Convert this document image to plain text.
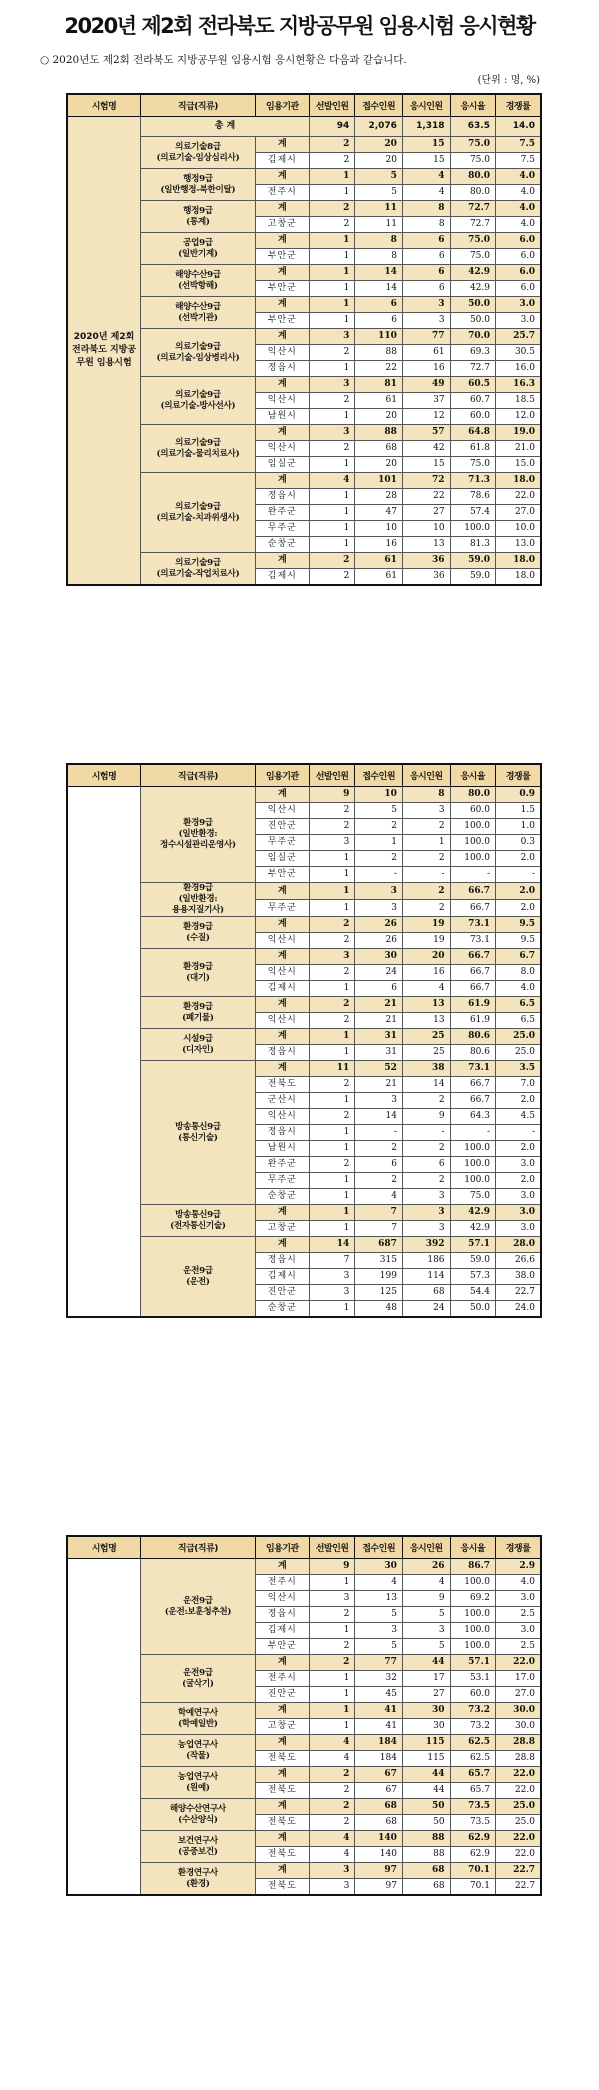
2020년 제2회 전라북도 지방공무원 임용시험 응시현황
○ 2020년도 제2회 전라북도 지방공무원 임용시험 응시현황은 다음과 같습니다.
(단위 : 명, %)
시험명	직급(직류)	임용기관	선발인원	접수인원	응시인원	응시율	경쟁률
2020년 제2회 전라북도 지방공무원 임용시험	총 계		94	2,076	1,318	63.5	14.0
	의료기술8급
(의료기술-임상심리사)	계	2	20	15	75.0	7.5
		김제시	2	20	15	75.0	7.5
	행정9급
(일반행정-북한이탈)	계	1	5	4	80.0	4.0
		전주시	1	5	4	80.0	4.0
	행정9급
(통계)	계	2	11	8	72.7	4.0
		고창군	2	11	8	72.7	4.0
	공업9급
(일반기계)	계	1	8	6	75.0	6.0
		부안군	1	8	6	75.0	6.0
	해양수산9급
(선박항해)	계	1	14	6	42.9	6.0
		부안군	1	14	6	42.9	6.0
	해양수산9급
(선박기관)	계	1	6	3	50.0	3.0
		부안군	1	6	3	50.0	3.0
	의료기술9급
(의료기술-임상병리사)	계	3	110	77	70.0	25.7
		익산시	2	88	61	69.3	30.5
		정읍시	1	22	16	72.7	16.0
	의료기술9급
(의료기술-방사선사)	계	3	81	49	60.5	16.3
		익산시	2	61	37	60.7	18.5
		남원시	1	20	12	60.0	12.0
	의료기술9급
(의료기술-물리치료사)	계	3	88	57	64.8	19.0
		익산시	2	68	42	61.8	21.0
		임실군	1	20	15	75.0	15.0
	의료기술9급
(의료기술-치과위생사)	계	4	101	72	71.3	18.0
		정읍시	1	28	22	78.6	22.0
		완주군	1	47	27	57.4	27.0
		무주군	1	10	10	100.0	10.0
		순창군	1	16	13	81.3	13.0
	의료기술9급
(의료기술-작업치료사)	계	2	61	36	59.0	18.0
		김제시	2	61	36	59.0	18.0
시험명	직급(직류)	임용기관	선발인원	접수인원	응시인원	응시율	경쟁률
	환경9급
(일반환경:
정수시설관리운영사)	계	9	10	8	80.0	0.9
		익산시	2	5	3	60.0	1.5
		진안군	2	2	2	100.0	1.0
		무주군	3	1	1	100.0	0.3
		임실군	1	2	2	100.0	2.0
		부안군	1	-	-	-	-
	환경9급
(일반환경:
용용지질기사)	계	1	3	2	66.7	2.0
		무주군	1	3	2	66.7	2.0
	환경9급
(수질)	계	2	26	19	73.1	9.5
		익산시	2	26	19	73.1	9.5
	환경9급
(대기)	계	3	30	20	66.7	6.7
		익산시	2	24	16	66.7	8.0
		김제시	1	6	4	66.7	4.0
	환경9급
(폐기물)	계	2	21	13	61.9	6.5
		익산시	2	21	13	61.9	6.5
	시설9급
(디자인)	계	1	31	25	80.6	25.0
		정읍시	1	31	25	80.6	25.0
	방송통신9급
(통신기술)	계	11	52	38	73.1	3.5
		전북도	2	21	14	66.7	7.0
		군산시	1	3	2	66.7	2.0
		익산시	2	14	9	64.3	4.5
		정읍시	1	-	-	-	-
		남원시	1	2	2	100.0	2.0
		완주군	2	6	6	100.0	3.0
		무주군	1	2	2	100.0	2.0
		순창군	1	4	3	75.0	3.0
	방송통신9급
(전자통신기술)	계	1	7	3	42.9	3.0
		고창군	1	7	3	42.9	3.0
	운전9급
(운전)	계	14	687	392	57.1	28.0
		정읍시	7	315	186	59.0	26.6
		김제시	3	199	114	57.3	38.0
		진안군	3	125	68	54.4	22.7
		순창군	1	48	24	50.0	24.0
시험명	직급(직류)	임용기관	선발인원	접수인원	응시인원	응시율	경쟁률
	운전9급
(운전:보훈청추천)	계	9	30	26	86.7	2.9
		전주시	1	4	4	100.0	4.0
		익산시	3	13	9	69.2	3.0
		정읍시	2	5	5	100.0	2.5
		김제시	1	3	3	100.0	3.0
		부안군	2	5	5	100.0	2.5
	운전9급
(굴삭기)	계	2	77	44	57.1	22.0
		전주시	1	32	17	53.1	17.0
		진안군	1	45	27	60.0	27.0
	학예연구사
(학예일반)	계	1	41	30	73.2	30.0
		고창군	1	41	30	73.2	30.0
	농업연구사
(작물)	계	4	184	115	62.5	28.8
		전북도	4	184	115	62.5	28.8
	농업연구사
(원예)	계	2	67	44	65.7	22.0
		전북도	2	67	44	65.7	22.0
	해양수산연구사
(수산양식)	계	2	68	50	73.5	25.0
		전북도	2	68	50	73.5	25.0
	보건연구사
(공중보건)	계	4	140	88	62.9	22.0
		전북도	4	140	88	62.9	22.0
	환경연구사
(환경)	계	3	97	68	70.1	22.7
		전북도	3	97	68	70.1	22.7
